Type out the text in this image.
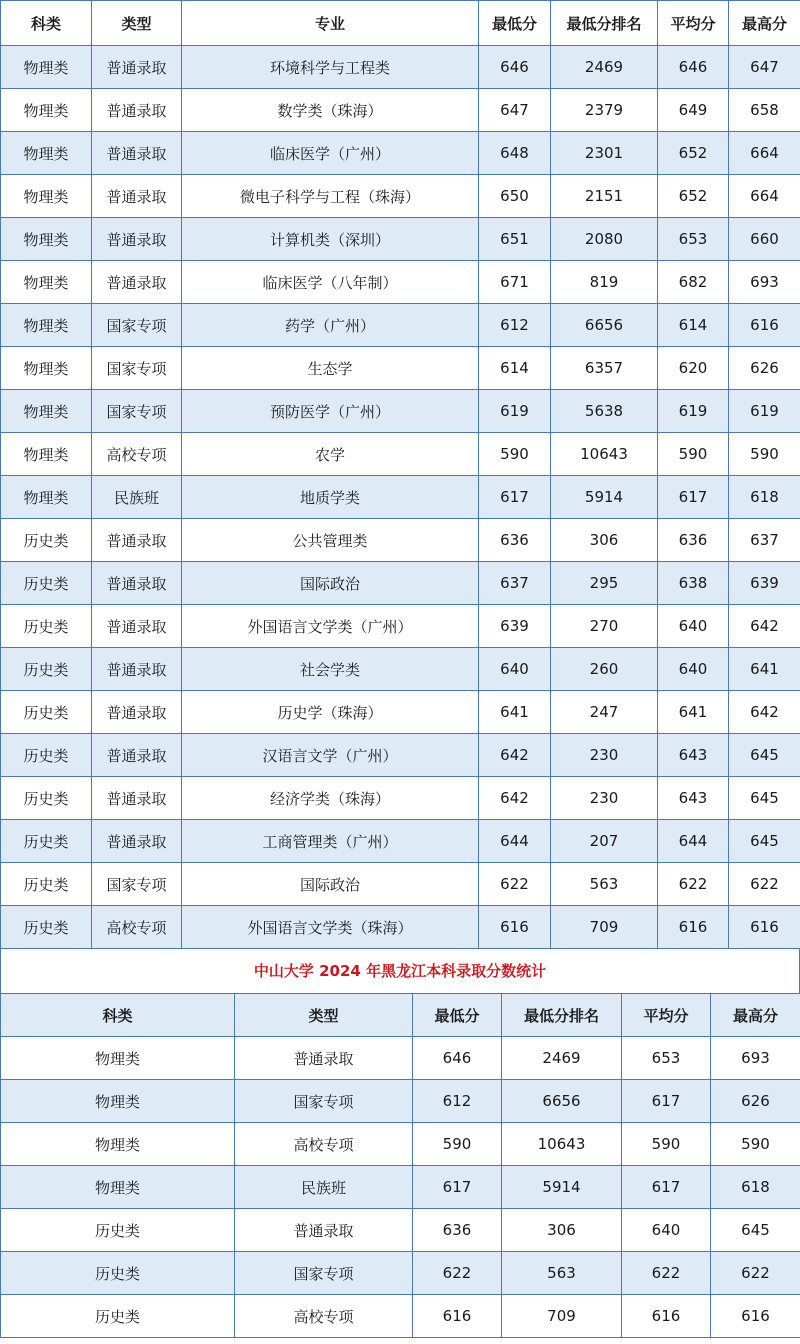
科类	类型	专业	最低分	最低分排名	平均分	最高分
物理类	普通录取	环境科学与工程类	646	2469	646	647
物理类	普通录取	数学类（珠海）	647	2379	649	658
物理类	普通录取	临床医学（广州）	648	2301	652	664
物理类	普通录取	微电子科学与工程（珠海）	650	2151	652	664
物理类	普通录取	计算机类（深圳）	651	2080	653	660
物理类	普通录取	临床医学（八年制）	671	819	682	693
物理类	国家专项	药学（广州）	612	6656	614	616
物理类	国家专项	生态学	614	6357	620	626
物理类	国家专项	预防医学（广州）	619	5638	619	619
物理类	高校专项	农学	590	10643	590	590
物理类	民族班	地质学类	617	5914	617	618
历史类	普通录取	公共管理类	636	306	636	637
历史类	普通录取	国际政治	637	295	638	639
历史类	普通录取	外国语言文学类（广州）	639	270	640	642
历史类	普通录取	社会学类	640	260	640	641
历史类	普通录取	历史学（珠海）	641	247	641	642
历史类	普通录取	汉语言文学（广州）	642	230	643	645
历史类	普通录取	经济学类（珠海）	642	230	643	645
历史类	普通录取	工商管理类（广州）	644	207	644	645
历史类	国家专项	国际政治	622	563	622	622
历史类	高校专项	外国语言文学类（珠海）	616	709	616	616
中山大学 2024 年黑龙江本科录取分数统计
科类	类型	最低分	最低分排名	平均分	最高分
物理类	普通录取	646	2469	653	693
物理类	国家专项	612	6656	617	626
物理类	高校专项	590	10643	590	590
物理类	民族班	617	5914	617	618
历史类	普通录取	636	306	640	645
历史类	国家专项	622	563	622	622
历史类	高校专项	616	709	616	616
